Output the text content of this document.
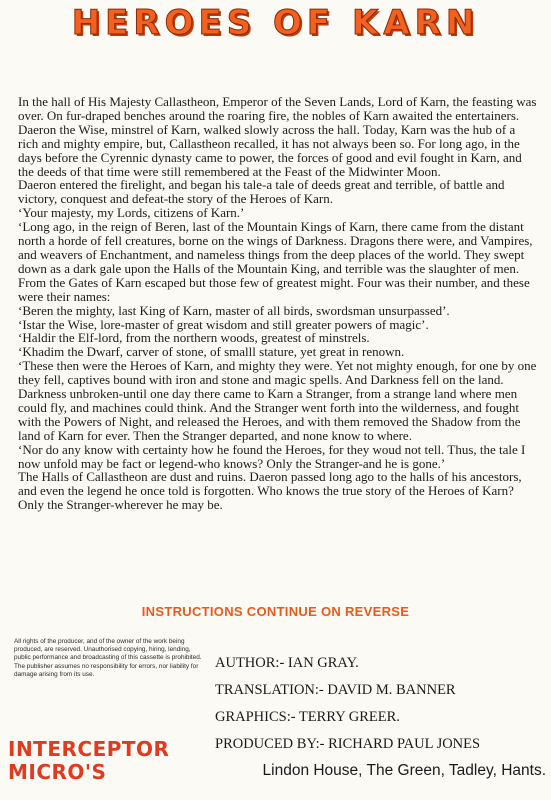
HEROES OF KARN

In the hall of His Majesty Callastheon, Emperor of the Seven Lands, Lord of Karn, the feasting was over. On fur-draped benches around the roaring fire, the nobles of Karn awaited the entertainers. Daeron the Wise, minstrel of Karn, walked slowly across the hall. Today, Karn was the hub of a rich and mighty empire, but, Callastheon recalled, it has not always been so. For long ago, in the days before the Cyrennic dynasty came to power, the forces of good and evil fought in Karn, and the deeds of that time were still remembered at the Feast of the Midwinter Moon.

Daeron entered the firelight, and began his tale-a tale of deeds great and terrible, of battle and victory, conquest and defeat-the story of the Heroes of Karn.

‘Your majesty, my Lords, citizens of Karn.’

‘Long ago, in the reign of Beren, last of the Mountain Kings of Karn, there came from the distant north a horde of fell creatures, borne on the wings of Darkness. Dragons there were, and Vampires, and weavers of Enchantment, and nameless things from the deep places of the world. They swept down as a dark gale upon the Halls of the Mountain King, and terrible was the slaughter of men. From the Gates of Karn escaped but those few of greatest might. Four was their number, and these were their names:

‘Beren the mighty, last King of Karn, master of all birds, swordsman unsurpassed’.

‘Istar the Wise, lore-master of great wisdom and still greater powers of magic’.

‘Haldir the Elf-lord, from the northern woods, greatest of minstrels.

‘Khadim the Dwarf, carver of stone, of smalll stature, yet great in renown.

‘These then were the Heroes of Karn, and mighty they were. Yet not mighty enough, for one by one they fell, captives bound with iron and stone and magic spells. And Darkness fell on the land. Darkness unbroken-until one day there came to Karn a Stranger, from a strange land where men could fly, and machines could think. And the Stranger went forth into the wilderness, and fought with the Powers of Night, and released the Heroes, and with them removed the Shadow from the land of Karn for ever. Then the Stranger departed, and none know to where.

‘Nor do any know with certainty how he found the Heroes, for they woud not tell. Thus, the tale I now unfold may be fact or legend-who knows? Only the Stranger-and he is gone.’

The Halls of Callastheon are dust and ruins. Daeron passed long ago to the halls of his ancestors, and even the legend he once told is forgotten. Who knows the true story of the Heroes of Karn? Only the Stranger-wherever he may be.

INSTRUCTIONS CONTINUE ON REVERSE
All rights of the producer, and of the owner of the work being produced, are reserved. Unauthorised copying, hiring, lending, public performance and broadcasting of this cassette is prohibited. The publisher assumes no responsibility for errors, nor liability for damage arising from its use.
AUTHOR:- IAN GRAY.
TRANSLATION:- DAVID M. BANNER
GRAPHICS:- TERRY GREER.
PRODUCED BY:- RICHARD PAUL JONES
INTERCEPTOR
MICRO'S	Lindon House, The Green, Tadley, Hants.
